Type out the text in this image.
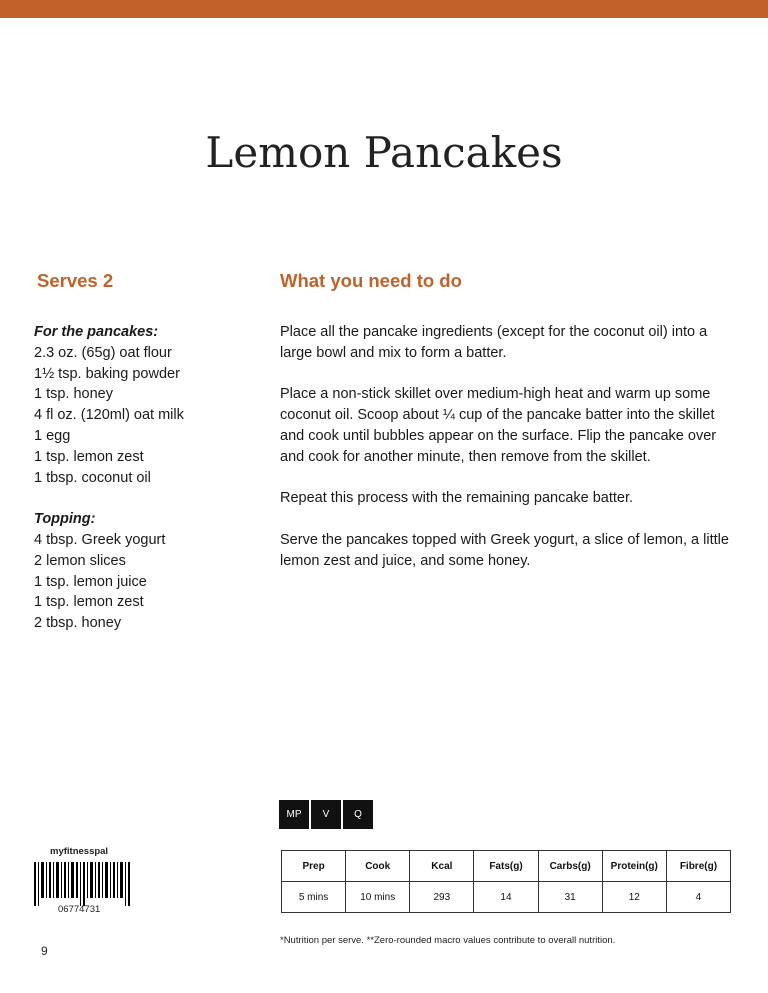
Lemon Pancakes
Serves 2	What you need to do
For the pancakes:
2.3 oz. (65g) oat flour
1½ tsp. baking powder
1 tsp. honey
4 fl oz. (120ml) oat milk
1 egg
1 tsp. lemon zest
1 tbsp. coconut oil
Topping:
4 tbsp. Greek yogurt
2 lemon slices
1 tsp. lemon juice
1 tsp. lemon zest
2 tbsp. honey

Place all the pancake ingredients (except for the coconut oil) into a large bowl and mix to form a batter.

Place a non-stick skillet over medium-high heat and warm up some coconut oil. Scoop about ¼ cup of the pancake batter into the skillet and cook until bubbles appear on the surface. Flip the pancake over and cook for another minute, then remove from the skillet.

Repeat this process with the remaining pancake batter.

Serve the pancakes topped with Greek yogurt, a slice of lemon, a little lemon zest and juice, and some honey.

MP	V	Q
myfitnesspal
06774731
9
Prep	Cook	Kcal	Fats(g)	Carbs(g)	Protein(g)	Fibre(g)
5 mins	10 mins	293	14	31	12	4
*Nutrition per serve. **Zero-rounded macro values contribute to overall nutrition.
